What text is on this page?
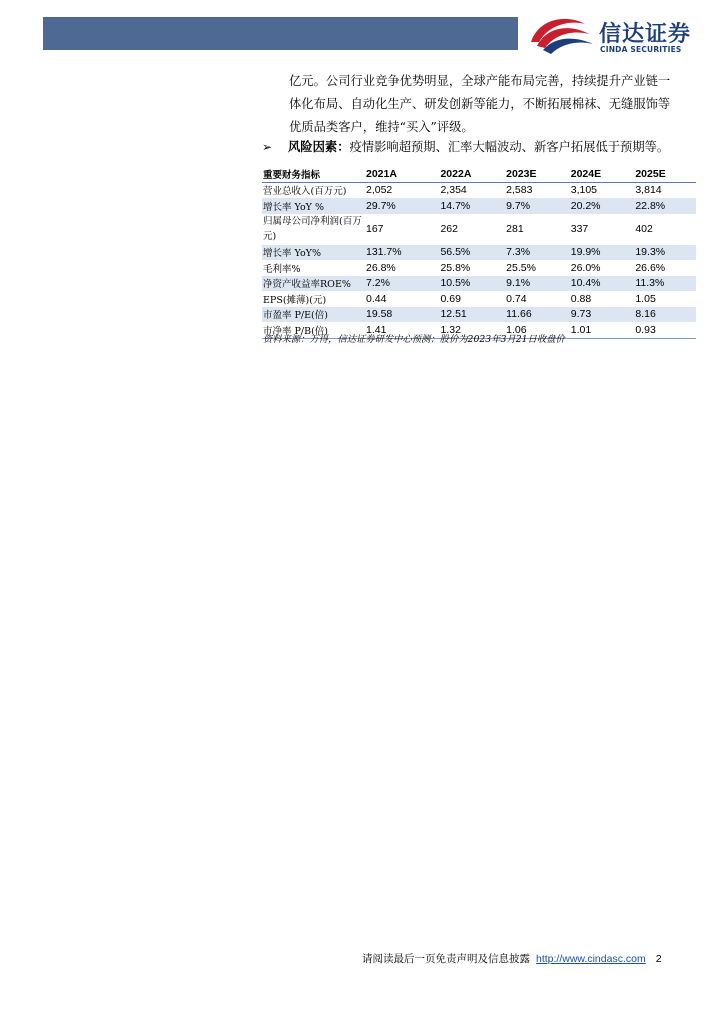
信达证券
CINDA SECURITIES

亿元。公司行业竞争优势明显，全球产能布局完善，持续提升产业链一

体化布局、自动化生产、研发创新等能力，不断拓展棉袜、无缝服饰等

优质品类客户，维持“买入”评级。

➢ 风险因素：疫情影响超预期、汇率大幅波动、新客户拓展低于预期等。
重要财务指标	2021A	2022A	2023E	2024E	2025E
营业总收入(百万元)	2,052	2,354	2,583	3,105	3,814
增长率 YoY %	29.7%	14.7%	9.7%	20.2%	22.8%
归属母公司净利润(百万元)	167	262	281	337	402
增长率 YoY%	131.7%	56.5%	7.3%	19.9%	19.3%
毛利率%	26.8%	25.8%	25.5%	26.0%	26.6%
净资产收益率ROE%	7.2%	10.5%	9.1%	10.4%	11.3%
EPS(摊薄)(元)	0.44	0.69	0.74	0.88	1.05
市盈率 P/E(倍)	19.58	12.51	11.66	9.73	8.16
市净率 P/B(倍)	1.41	1.32	1.06	1.01	0.93
资料来源：万得，信达证券研发中心预测；股价为2023年3月21日收盘价
请阅读最后一页免责声明及信息披露 http://www.cindasc.com 2
